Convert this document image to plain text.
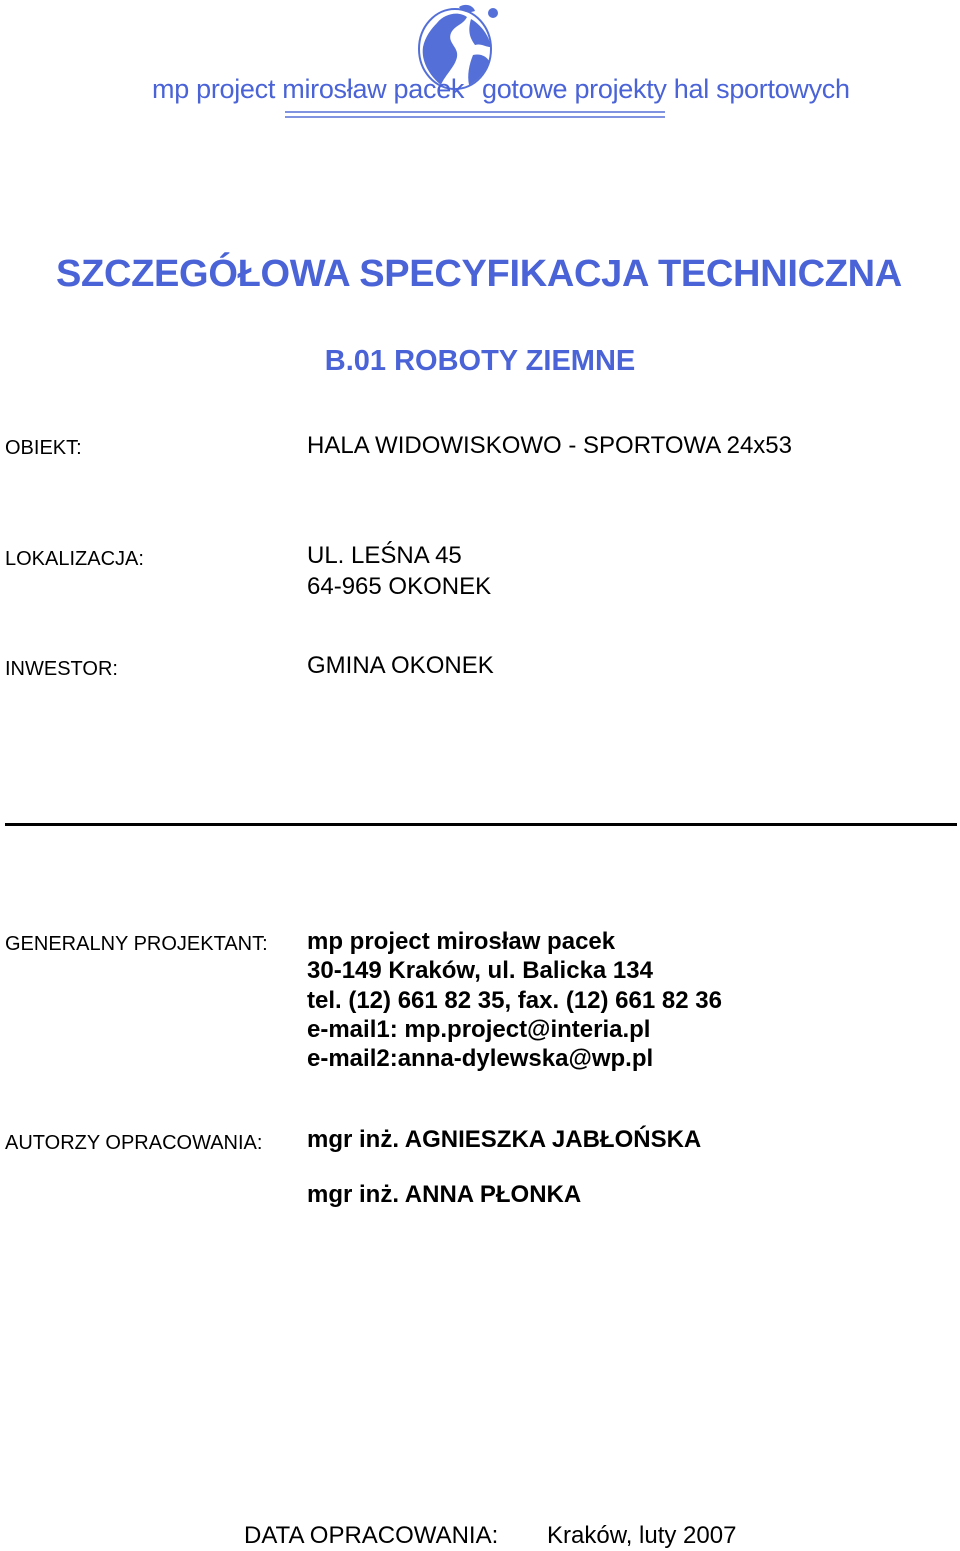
mp project mirosław pacek gotowe projekty hal sportowych
SZCZEGÓŁOWA SPECYFIKACJA TECHNICZNA
B.01 ROBOTY ZIEMNE
OBIEKT:	HALA WIDOWISKOWO - SPORTOWA 24x53
LOKALIZACJA:	UL. LEŚNA 45
64-965 OKONEK
INWESTOR:	GMINA OKONEK
GENERALNY PROJEKTANT: mp project mirosław pacek
30-149 Kraków, ul. Balicka 134
tel. (12) 661 82 35, fax. (12) 661 82 36
e-mail1: mp.project@interia.pl
e-mail2:anna-dylewska@wp.pl
AUTORZY OPRACOWANIA: mgr inż. AGNIESZKA JABŁOŃSKA
mgr inż. ANNA PŁONKA
DATA OPRACOWANIA: Kraków, luty 2007
